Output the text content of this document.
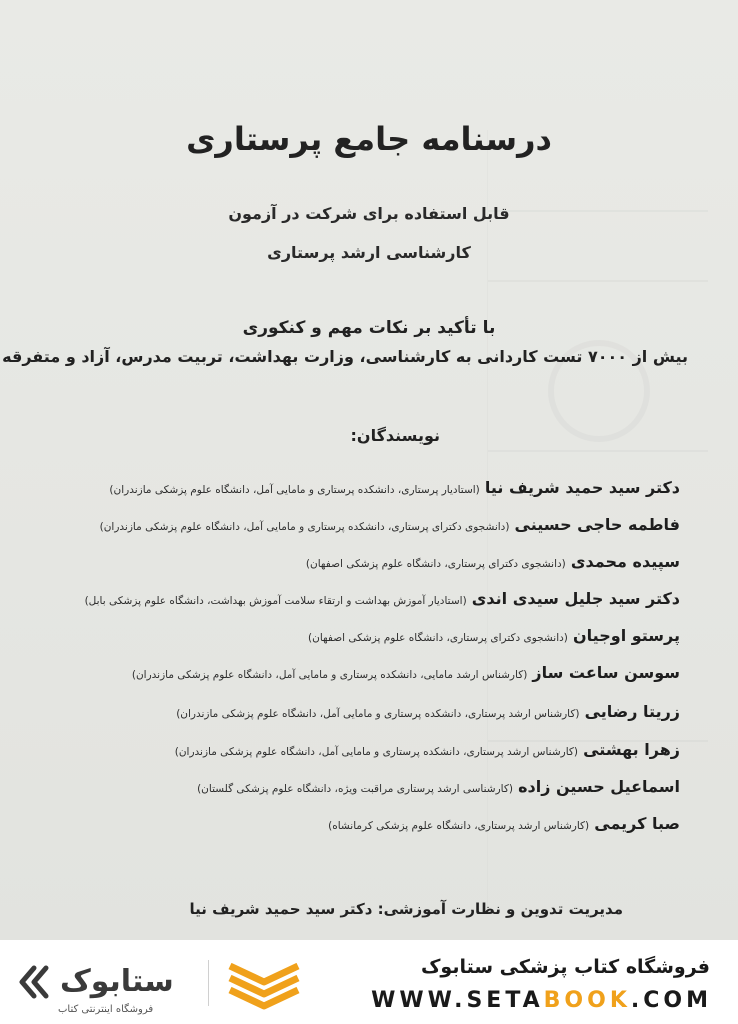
درسنامه جامع پرستاری
قابل استفاده برای شرکت در آزمون
کارشناسی ارشد پرستاری
با تأکید بر نکات مهم و کنکوری
بیش از ۷۰۰۰ تست کاردانی به کارشناسی، وزارت بهداشت، تربیت مدرس، آزاد و متفرقه
نویسندگان:
دکتر سید حمید شریف نیا (استادیار پرستاری، دانشکده پرستاری و مامایی آمل، دانشگاه علوم پزشکی مازندران)
فاطمه حاجی حسینی (دانشجوی دکترای پرستاری، دانشکده پرستاری و مامایی آمل، دانشگاه علوم پزشکی مازندران)
سپیده محمدی (دانشجوی دکترای پرستاری، دانشگاه علوم پزشکی اصفهان)
دکتر سید جلیل سیدی اندی (استادیار آموزش بهداشت و ارتقاء سلامت آموزش بهداشت، دانشگاه علوم پزشکی بابل)
پرستو اوجیان (دانشجوی دکترای پرستاری، دانشگاه علوم پزشکی اصفهان)
سوسن ساعت ساز (کارشناس ارشد مامایی، دانشکده پرستاری و مامایی آمل، دانشگاه علوم پزشکی مازندران)
زریتا رضایی (کارشناس ارشد پرستاری، دانشکده پرستاری و مامایی آمل، دانشگاه علوم پزشکی مازندران)
زهرا بهشتی (کارشناس ارشد پرستاری، دانشکده پرستاری و مامایی آمل، دانشگاه علوم پزشکی مازندران)
اسماعیل حسین زاده (کارشناسی ارشد پرستاری مراقبت ویژه، دانشگاه علوم پزشکی گلستان)
صبا کریمی (کارشناس ارشد پرستاری، دانشگاه علوم پزشکی کرمانشاه)
مدیریت تدوین و نظارت آموزشی: دکتر سید حمید شریف نیا
ستابوک
فروشگاه اینترنتی کتاب
فروشگاه کتاب پزشکی ستابوک
WWW.SETABOOK.COM
